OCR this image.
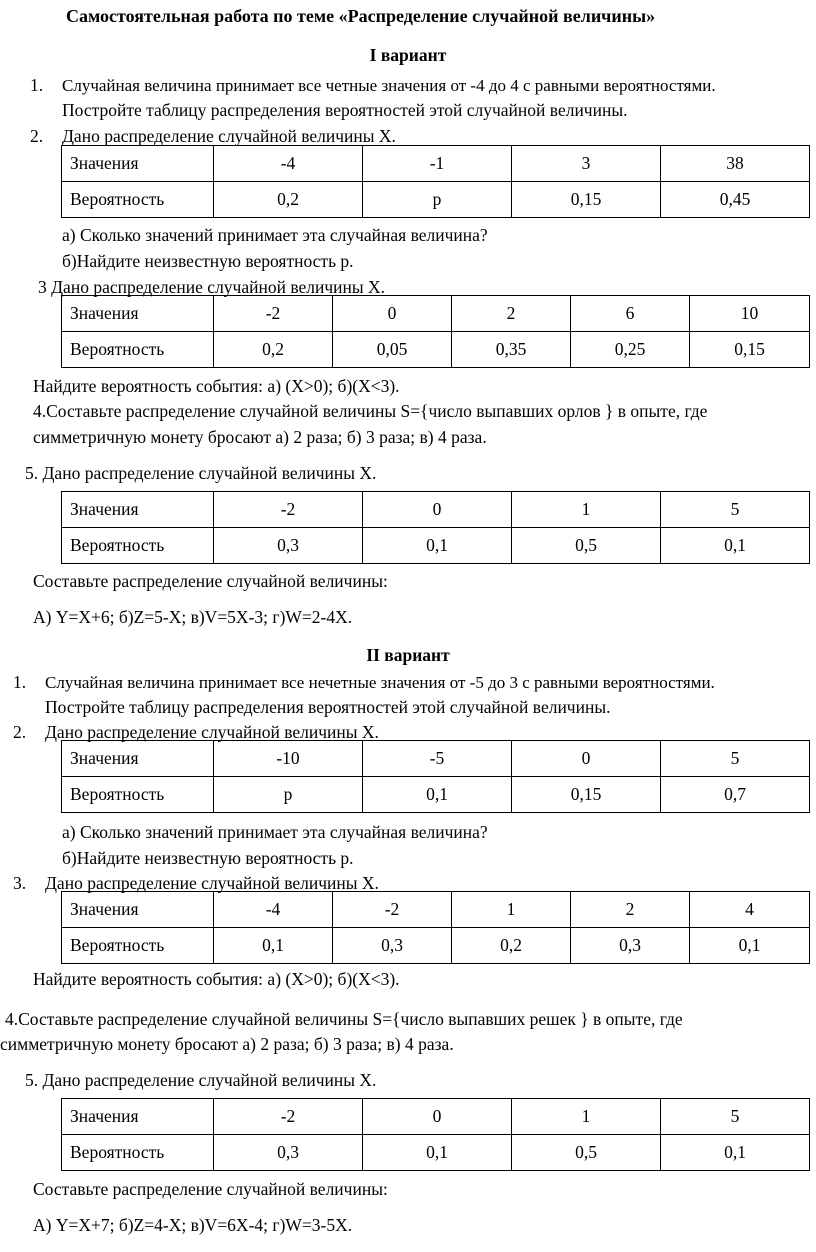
Самостоятельная работа по теме «Распределение случайной величины»
I вариант
1. Случайная величина принимает все четные значения от -4 до 4 с равными вероятностями.
Постройте таблицу распределения вероятностей этой случайной величины.
2. Дано распределение случайной величины Х.
Значения	-4	-1	3	38
Вероятность	0,2	р	0,15	0,45
а) Сколько значений принимает эта случайная величина?
б)Найдите неизвестную вероятность р.
3 Дано распределение случайной величины Х.
Значения	-2	0	2	6	10
Вероятность	0,2	0,05	0,35	0,25	0,15
Найдите вероятность события: а) (Х>0); б)(Х<3).
4.Составьте распределение случайной величины S={число выпавших орлов } в опыте, где
симметричную монету бросают а) 2 раза; б) 3 раза; в) 4 раза.
5. Дано распределение случайной величины Х.
Значения	-2	0	1	5
Вероятность	0,3	0,1	0,5	0,1
Составьте распределение случайной величины:
А) Y=X+6; б)Z=5-X; в)V=5X-3; г)W=2-4X.
II вариант
1. Случайная величина принимает все нечетные значения от -5 до 3 с равными вероятностями.
Постройте таблицу распределения вероятностей этой случайной величины.
2. Дано распределение случайной величины Х.
Значения	-10	-5	0	5
Вероятность	р	0,1	0,15	0,7
а) Сколько значений принимает эта случайная величина?
б)Найдите неизвестную вероятность р.
3. Дано распределение случайной величины Х.
Значения	-4	-2	1	2	4
Вероятность	0,1	0,3	0,2	0,3	0,1
Найдите вероятность события: а) (Х>0); б)(Х<3).
4.Составьте распределение случайной величины S={число выпавших решек } в опыте, где
симметричную монету бросают а) 2 раза; б) 3 раза; в) 4 раза.
5. Дано распределение случайной величины Х.
Значения	-2	0	1	5
Вероятность	0,3	0,1	0,5	0,1
Составьте распределение случайной величины:
А) Y=X+7; б)Z=4-X; в)V=6X-4; г)W=3-5X.
